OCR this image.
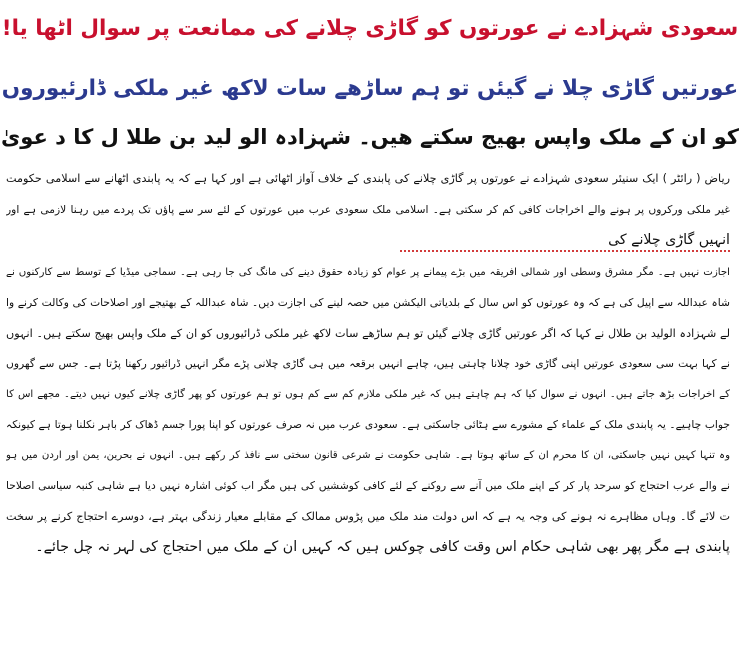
سعودی شہزادے نے عورتوں کو گاڑی چلانے کی ممانعت پر سوال اٹھا یا!
عورتیں گاڑی چلا نے گیئں تو ہم ساڑھے سات لاکھ غیر ملکی ڈارئیوروں
کو ان کے ملک واپس بھیج سکتے ھیں۔ شہزادہ الو لید بن طلا ل کا د عویٰ
ریاض ( رائٹر ) ایک سنیئر سعودی شہزادے نے عورتوں پر گاڑی چلانے کی پابندی کے خلاف آواز اٹھائی ہے اور کہا ہے کہ یہ پابندی اٹھانے سے اسلامی حکومت
غیر ملکی ورکروں پر ہونے والے اخراجات کافی کم کر سکتی ہے۔ اسلامی ملک سعودی عرب میں عورتوں کے لئے سر سے پاؤں تک پردے میں رہنا لازمی ہے اور
انہیں گاڑی چلانے کی
اجازت نہیں ہے۔ مگر مشرق وسطی اور شمالی افریقہ میں بڑے پیمانے پر عوام کو زیادہ حقوق دینے کی مانگ کی جا رہی ہے۔ سماجی میڈیا کے توسط سے کارکنوں نے
شاہ عبداللہ سے اپیل کی ہے کہ وہ عورتوں کو اس سال کے بلدیاتی الیکشن میں حصہ لینے کی اجازت دیں۔ شاہ عبداللہ کے بھتیجے اور اصلاحات کی وکالت کرنے وا
لے شہزادہ الولید بن طلال نے کہا کہ اگر عورتیں گاڑی چلانے گیئں تو ہم ساڑھے سات لاکھ غیر ملکی ڈرائیوروں کو ان کے ملک واپس بھیج سکتے ہیں۔ انہوں
نے کہا بہت سی سعودی عورتیں اپنی گاڑی خود چلانا چاہتی ہیں، چاہے انہیں برقعہ میں ہی گاڑی چلانی پڑے مگر انہیں ڈرائیور رکھنا پڑتا ہے۔ جس سے گھروں
کے اخراجات بڑھ جاتے ہیں۔ انہوں نے سوال کیا کہ ہم چاہتے ہیں کہ غیر ملکی ملازم کم سے کم ہوں تو ہم عورتوں کو پھر گاڑی چلانے کیوں نہیں دیتے۔ مجھے اس کا
جواب چاہیے۔ یہ پابندی ملک کے علماء کے مشورے سے ہٹائی جاسکتی ہے۔ سعودی عرب میں نہ صرف عورتوں کو اپنا پورا جسم ڈھاک کر باہر نکلنا ہوتا ہے کیونکہ
وہ تنہا کہیں نہیں جاسکتی، ان کا محرم ان کے ساتھ ہوتا ہے۔ شاہی حکومت نے شرعی قانون سختی سے نافذ کر رکھے ہیں۔ انہوں نے بحرین، یمن اور اردن میں ہو
نے والے عرب احتجاج کو سرحد پار کر کے اپنے ملک میں آنے سے روکنے کے لئے کافی کوششیں کی ہیں مگر اب کوئی اشارہ نہیں دیا ہے شاہی کنبہ سیاسی اصلاحا
ت لائے گا۔ وہاں مظاہرے نہ ہونے کی وجہ یہ ہے کہ اس دولت مند ملک میں پڑوس ممالک کے مقابلے معیار زندگی بہتر ہے، دوسرے احتجاج کرنے پر سخت
پابندی ہے مگر پھر بھی شاہی حکام اس وقت کافی چوکس ہیں کہ کہیں ان کے ملک میں احتجاج کی لہر نہ چل جائے۔
